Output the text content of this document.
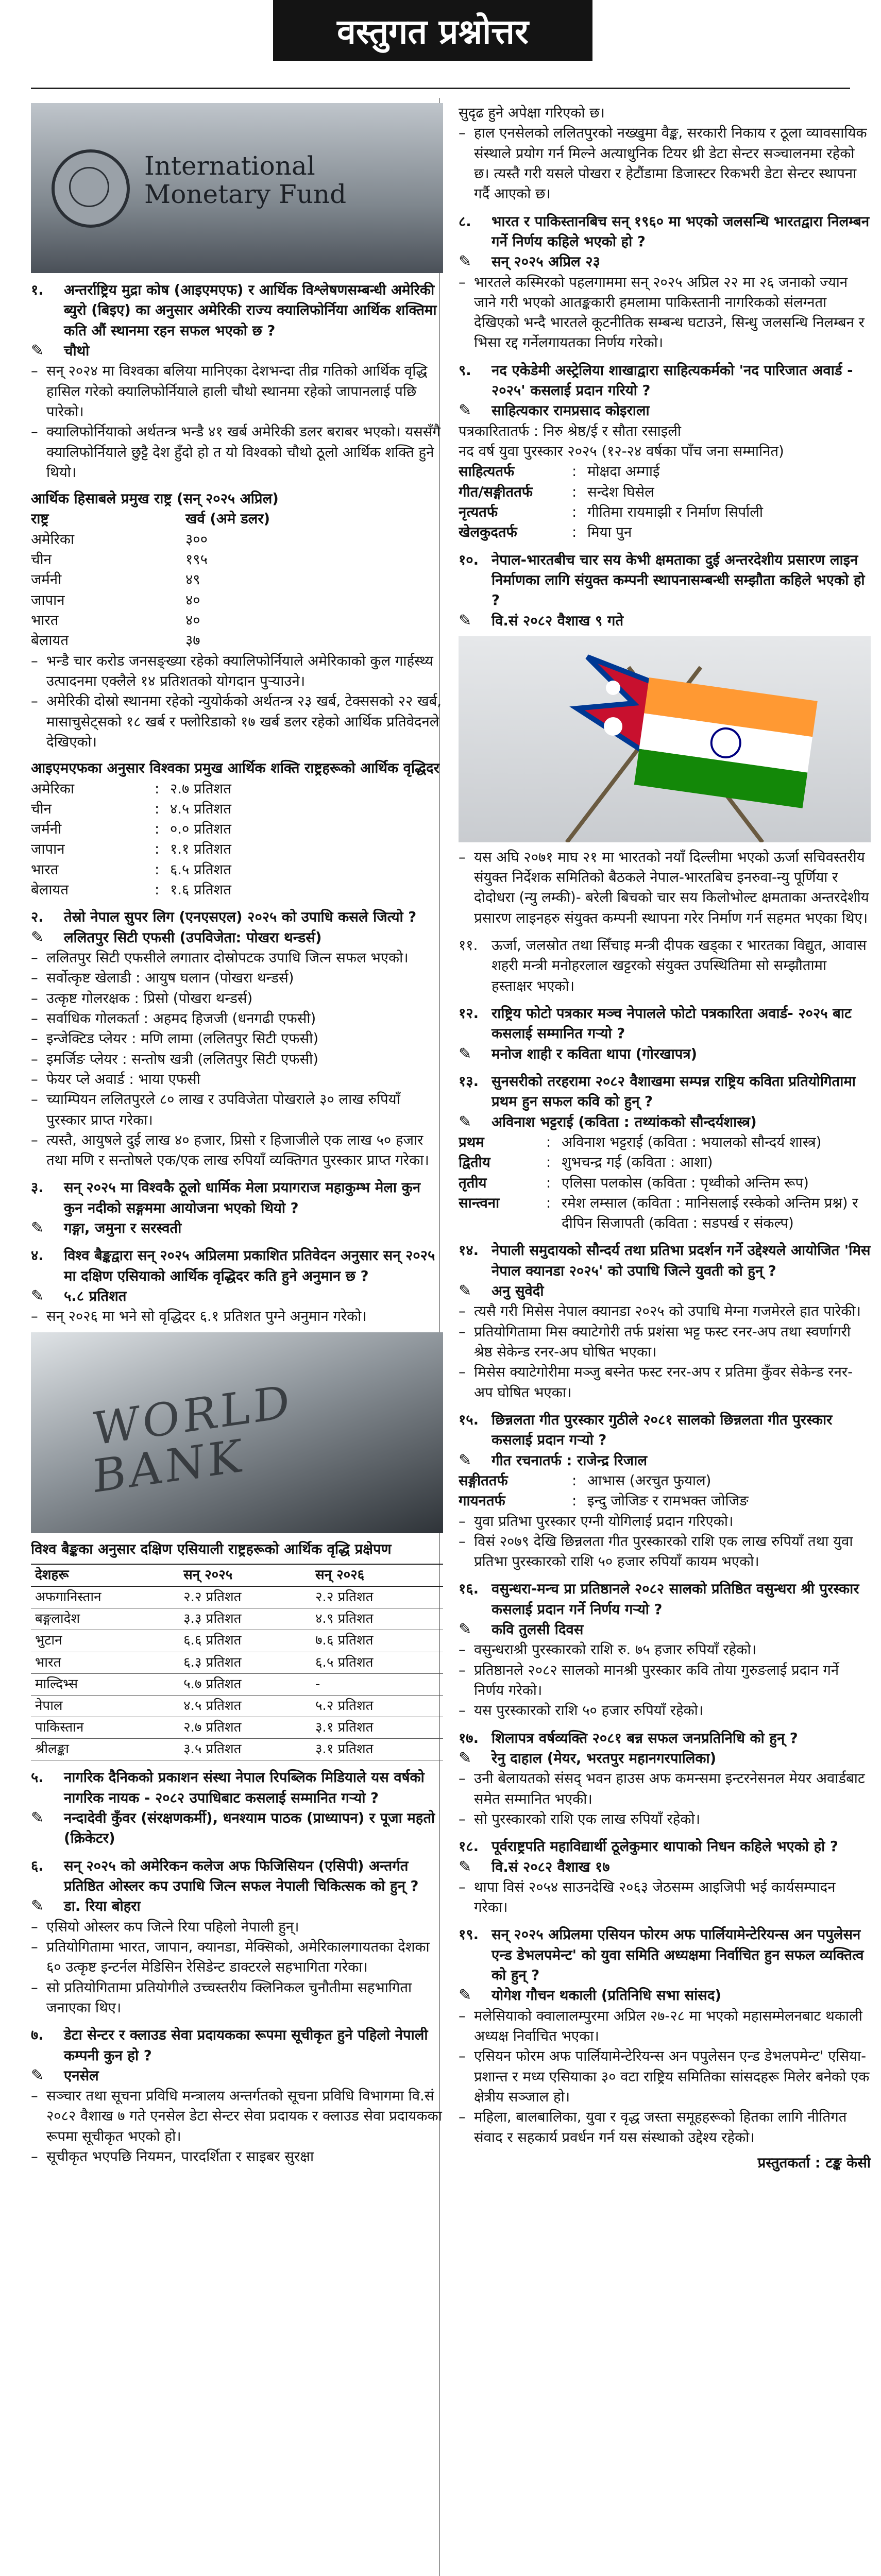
वस्तुगत प्रश्नोत्तर
International Monetary Fund
१.	अन्तर्राष्ट्रिय मुद्रा कोष (आइएमएफ) र आर्थिक विश्लेषणसम्बन्धी अमेरिकी ब्युरो (बिइए) का अनुसार अमेरिकी राज्य क्यालिफोर्निया आर्थिक शक्तिमा कति औं स्थानमा रहन सफल भएको छ ?
✎	चौथो
– सन् २०२४ मा विश्वका बलिया मानिएका देशभन्दा तीव्र गतिको आर्थिक वृद्धि हासिल गरेको क्यालिफोर्नियाले हाली चौथो स्थानमा रहेको जापानलाई पछि पारेको।
– क्यालिफोर्नियाको अर्थतन्त्र भन्डै ४१ खर्ब अमेरिकी डलर बराबर भएको। यससँगै क्यालिफोर्नियाले छुट्टै देश हुँदो हो त यो विश्वको चौथो ठूलो आर्थिक शक्ति हुने थियो।
आर्थिक हिसाबले प्रमुख राष्ट्र (सन् २०२५ अप्रिल)
राष्ट्र	खर्व (अमे डलर)
अमेरिका	३००
चीन	१९५
जर्मनी	४९
जापान	४०
भारत	४०
बेलायत	३७
– भन्डै चार करोड जनसङ्ख्या रहेको क्यालिफोर्नियाले अमेरिकाको कुल गार्हस्थ्य उत्पादनमा एक्लैले १४ प्रतिशतको योगदान पुऱ्याउने।
– अमेरिकी दोस्रो स्थानमा रहेको न्युयोर्कको अर्थतन्त्र २३ खर्ब, टेक्ससको २२ खर्ब, मासाचुसेट्सको १८ खर्ब र फ्लोरिडाको १७ खर्ब डलर रहेको आर्थिक प्रतिवेदनले देखिएको।
आइएमएफका अनुसार विश्वका प्रमुख आर्थिक शक्ति राष्ट्रहरूको आर्थिक वृद्धिदर
अमेरिका	: २.७ प्रतिशत
चीन	: ४.५ प्रतिशत
जर्मनी	: ०.० प्रतिशत
जापान	: १.१ प्रतिशत
भारत	: ६.५ प्रतिशत
बेलायत	: १.६ प्रतिशत
२.	तेस्रो नेपाल सुपर लिग (एनएसएल) २०२५ को उपाधि कसले जित्यो ?
✎	ललितपुर सिटी एफसी (उपविजेता: पोखरा थन्डर्स)
– ललितपुर सिटी एफसीले लगातार दोस्रोपटक उपाधि जित्न सफल भएको।
– सर्वोत्कृष्ट खेलाडी : आयुष घलान (पोखरा थन्डर्स)
– उत्कृष्ट गोलरक्षक : प्रिसो (पोखरा थन्डर्स)
– सर्वाधिक गोलकर्ता : अहमद हिजजी (धनगढी एफसी)
– इन्जेक्टिड प्लेयर : मणि लामा (ललितपुर सिटी एफसी)
– इमर्जिङ प्लेयर : सन्तोष खत्री (ललितपुर सिटी एफसी)
– फेयर प्ले अवार्ड : भाया एफसी
– च्याम्पियन ललितपुरले ८० लाख र उपविजेता पोखराले ३० लाख रुपियाँ पुरस्कार प्राप्त गरेका।
– त्यस्तै, आयुषले दुई लाख ४० हजार, प्रिसो र हिजाजीले एक लाख ५० हजार तथा मणि र सन्तोषले एक/एक लाख रुपियाँ व्यक्तिगत पुरस्कार प्राप्त गरेका।
३.	सन् २०२५ मा विश्वकै ठूलो धार्मिक मेला प्रयागराज महाकुम्भ मेला कुन कुन नदीको सङ्गममा आयोजना भएको थियो ?
✎	गङ्गा, जमुना र सरस्वती
४.	विश्व बैङ्कद्वारा सन् २०२५ अप्रिलमा प्रकाशित प्रतिवेदन अनुसार सन् २०२५ मा दक्षिण एसियाको आर्थिक वृद्धिदर कति हुने अनुमान छ ?
✎	५.८ प्रतिशत
– सन् २०२६ मा भने सो वृद्धिदर ६.१ प्रतिशत पुग्ने अनुमान गरेको।
WORLD BANK
विश्व बैङ्कका अनुसार दक्षिण एसियाली राष्ट्रहरूको आर्थिक वृद्धि प्रक्षेपण
देशहरू	सन् २०२५	सन् २०२६
अफगानिस्तान	२.२ प्रतिशत	२.२ प्रतिशत
बङ्गलादेश	३.३ प्रतिशत	४.९ प्रतिशत
भुटान	६.६ प्रतिशत	७.६ प्रतिशत
भारत	६.३ प्रतिशत	६.५ प्रतिशत
माल्दिभ्स	५.७ प्रतिशत	-
नेपाल	४.५ प्रतिशत	५.२ प्रतिशत
पाकिस्तान	२.७ प्रतिशत	३.१ प्रतिशत
श्रीलङ्का	३.५ प्रतिशत	३.१ प्रतिशत
५.	नागरिक दैनिकको प्रकाशन संस्था नेपाल रिपब्लिक मिडियाले यस वर्षको नागरिक नायक - २०८२ उपाधिबाट कसलाई सम्मानित गऱ्यो ?
✎	नन्दादेवी कुँवर (संरक्षणकर्मी), धनश्याम पाठक (प्राध्यापन) र पूजा महतो (क्रिकेटर)
६.	सन् २०२५ को अमेरिकन कलेज अफ फिजिसियन (एसिपी) अन्तर्गत प्रतिष्ठित ओस्लर कप उपाधि जित्न सफल नेपाली चिकित्सक को हुन् ?
✎	डा. रिया बोहरा
– एसियो ओस्लर कप जित्ने रिया पहिलो नेपाली हुन्।
– प्रतियोगितामा भारत, जापान, क्यानडा, मेक्सिको, अमेरिकालगायतका देशका ६० उत्कृष्ट इन्टर्नल मेडिसिन रेसिडेन्ट डाक्टरले सहभागिता गरेका।
– सो प्रतियोगितामा प्रतियोगीले उच्चस्तरीय क्लिनिकल चुनौतीमा सहभागिता जनाएका थिए।
७.	डेटा सेन्टर र क्लाउड सेवा प्रदायकका रूपमा सूचीकृत हुने पहिलो नेपाली कम्पनी कुन हो ?
✎	एनसेल
– सञ्चार तथा सूचना प्रविधि मन्त्रालय अन्तर्गतको सूचना प्रविधि विभागमा वि.सं २०८२ वैशाख ७ गते एनसेल डेटा सेन्टर सेवा प्रदायक र क्लाउड सेवा प्रदायकका रूपमा सूचीकृत भएको हो।
– सूचीकृत भएपछि नियमन, पारदर्शिता र साइबर सुरक्षा
सुदृढ हुने अपेक्षा गरिएको छ।
– हाल एनसेलको ललितपुरको नख्खुमा वैङ्क, सरकारी निकाय र ठूला व्यावसायिक संस्थाले प्रयोग गर्न मिल्ने अत्याधुनिक टियर थ्री डेटा सेन्टर सञ्चालनमा रहेको छ। त्यस्तै गरी यसले पोखरा र हेटौंडामा डिजास्टर रिकभरी डेटा सेन्टर स्थापना गर्दै आएको छ।
८.	भारत र पाकिस्तानबिच सन् १९६० मा भएको जलसन्धि भारतद्वारा निलम्बन गर्ने निर्णय कहिले भएको हो ?
✎	सन् २०२५ अप्रिल २३
– भारतले कस्मिरको पहलगाममा सन् २०२५ अप्रिल २२ मा २६ जनाको ज्यान जाने गरी भएको आतङ्ककारी हमलामा पाकिस्तानी नागरिकको संलग्नता देखिएको भन्दै भारतले कूटनीतिक सम्बन्ध घटाउने, सिन्धु जलसन्धि निलम्बन र भिसा रद्द गर्नेलगायतका निर्णय गरेको।
९.	नद एकेडेमी अस्ट्रेलिया शाखाद्वारा साहित्यकर्मको 'नद पारिजात अवार्ड - २०२५' कसलाई प्रदान गरियो ?
✎	साहित्यकार रामप्रसाद कोइराला
पत्रकारितातर्फ : निरु श्रेष्ठ/ई र सौता रसाइली
नद वर्ष युवा पुरस्कार २०२५ (१२-२४ वर्षका पाँच जना सम्मानित)
साहित्यतर्फ	: मोक्षदा अम्गाई
गीत/सङ्गीततर्फ	: सन्देश घिसेल
नृत्यतर्फ	: गीतिमा रायमाझी र निर्माण सिर्पाली
खेलकुदतर्फ	: मिया पुन
१०. नेपाल-भारतबीच चार सय केभी क्षमताका दुई अन्तरदेशीय प्रसारण लाइन निर्माणका लागि संयुक्त कम्पनी स्थापनासम्बन्धी सम्झौता कहिले भएको हो ?
✎	वि.सं २०८२ वैशाख ९ गते
– यस अघि २०७१ माघ २१ मा भारतको नयाँ दिल्लीमा भएको ऊर्जा सचिवस्तरीय संयुक्त निर्देशक समितिको बैठकले नेपाल-भारतबिच इनरुवा-न्यु पूर्णिया र दोदोधरा (न्यु लम्की)- बरेली बिचको चार सय किलोभोल्ट क्षमताका अन्तरदेशीय प्रसारण लाइनहरु संयुक्त कम्पनी स्थापना गरेर निर्माण गर्न सहमत भएका थिए।
११. ऊर्जा, जलस्रोत तथा सिँचाइ मन्त्री दीपक खड्का र भारतका विद्युत, आवास शहरी मन्त्री मनोहरलाल खट्टरको संयुक्त उपस्थितिमा सो सम्झौतामा हस्ताक्षर भएको।
१२. राष्ट्रिय फोटो पत्रकार मञ्च नेपालले फोटो पत्रकारिता अवार्ड- २०२५ बाट कसलाई सम्मानित गऱ्यो ?
✎	मनोज शाही र कविता थापा (गोरखापत्र)
१३. सुनसरीको तरहरामा २०८२ वैशाखमा सम्पन्न राष्ट्रिय कविता प्रतियोगितामा प्रथम हुन सफल कवि को हुन् ?
✎	अविनाश भट्टराई (कविता : तथ्यांकको सौन्दर्यशास्त्र)
प्रथम	: अविनाश भट्टराई (कविता : भयालको सौन्दर्य शास्त्र)
द्वितीय	: शुभचन्द्र गई (कविता : आशा)
तृतीय	: एलिसा पलकोस (कविता : पृथ्वीको अन्तिम रूप)
सान्त्वना	: रमेश लम्साल (कविता : मानिसलाई रस्केको अन्तिम प्रश्न) र दीपिन सिजापती (कविता : सडपर्ख र संकल्प)
१४. नेपाली समुदायको सौन्दर्य तथा प्रतिभा प्रदर्शन गर्ने उद्देश्यले आयोजित 'मिस नेपाल क्यानडा २०२५' को उपाधि जित्ने युवती को हुन् ?
✎	अनु सुवेदी
– त्यसै गरी मिसेस नेपाल क्यानडा २०२५ को उपाधि मेग्ना गजमेरले हात पारेकी।
– प्रतियोगितामा मिस क्याटेगोरी तर्फ प्रशंसा भट्ट फस्ट रनर-अप तथा स्वर्णागरी श्रेष्ठ सेकेन्ड रनर-अप घोषित भएका।
– मिसेस क्याटेगोरीमा मञ्जु बस्नेत फस्ट रनर-अप र प्रतिमा कुँवर सेकेन्ड रनर-अप घोषित भएका।
१५. छिन्नलता गीत पुरस्कार गुठीले २०८१ सालको छिन्नलता गीत पुरस्कार कसलाई प्रदान गऱ्यो ?
✎	गीत रचनातर्फ : राजेन्द्र रिजाल
सङ्गीततर्फ	: आभास (अरचुत फुयाल)
गायनतर्फ	: इन्दु जोजिङ र रामभक्त जोजिङ
– युवा प्रतिभा पुरस्कार एग्नी योगिलाई प्रदान गरिएको।
– विसं २०७९ देखि छिन्नलता गीत पुरस्कारको राशि एक लाख रुपियाँ तथा युवा प्रतिभा पुरस्कारको राशि ५० हजार रुपियाँ कायम भएको।
१६. वसुन्धरा-मन्च प्रा प्रतिष्ठानले २०८२ सालको प्रतिष्ठित वसुन्धरा श्री पुरस्कार कसलाई प्रदान गर्ने निर्णय गऱ्यो ?
✎	कवि तुलसी दिवस
– वसुन्धराश्री पुरस्कारको राशि रु. ७५ हजार रुपियाँ रहेको।
– प्रतिष्ठानले २०८२ सालको मानश्री पुरस्कार कवि तोया गुरुङलाई प्रदान गर्ने निर्णय गरेको।
– यस पुरस्कारको राशि ५० हजार रुपियाँ रहेको।
१७. शिलापत्र वर्षव्यक्ति २०८१ बन्न सफल जनप्रतिनिधि को हुन् ?
✎	रेनु दाहाल (मेयर, भरतपुर महानगरपालिका)
– उनी बेलायतको संसद् भवन हाउस अफ कमन्समा इन्टरनेसनल मेयर अवार्डबाट समेत सम्मानित भएकी।
– सो पुरस्कारको राशि एक लाख रुपियाँ रहेको।
१८. पूर्वराष्ट्रपति महाविद्यार्थी ठूलेकुमार थापाको निधन कहिले भएको हो ?
✎	वि.सं २०८२ वैशाख १७
– थापा विसं २०५४ साउनदेखि २०६३ जेठसम्म आइजिपी भई कार्यसम्पादन गरेका।
१९. सन् २०२५ अप्रिलमा एसियन फोरम अफ पार्लियामेन्टेरियन्स अन पपुलेसन एन्ड डेभलपमेन्ट' को युवा समिति अध्यक्षमा निर्वाचित हुन सफल व्यक्तित्व को हुन् ?
✎	योगेश गौचन थकाली (प्रतिनिधि सभा सांसद)
– मलेसियाको क्वालालम्पुरमा अप्रिल २७-२८ मा भएको महासम्मेलनबाट थकाली अध्यक्ष निर्वाचित भएका।
– एसियन फोरम अफ पार्लियामेन्टेरियन्स अन पपुलेसन एन्ड डेभलपमेन्ट' एसिया-प्रशान्त र मध्य एसियाका ३० वटा राष्ट्रिय समितिका सांसदहरू मिलेर बनेको एक क्षेत्रीय सञ्जाल हो।
– महिला, बालबालिका, युवा र वृद्ध जस्ता समूहहरूको हितका लागि नीतिगत संवाद र सहकार्य प्रवर्धन गर्न यस संस्थाको उद्देश्य रहेको।
प्रस्तुतकर्ता : टङ्क केसी
